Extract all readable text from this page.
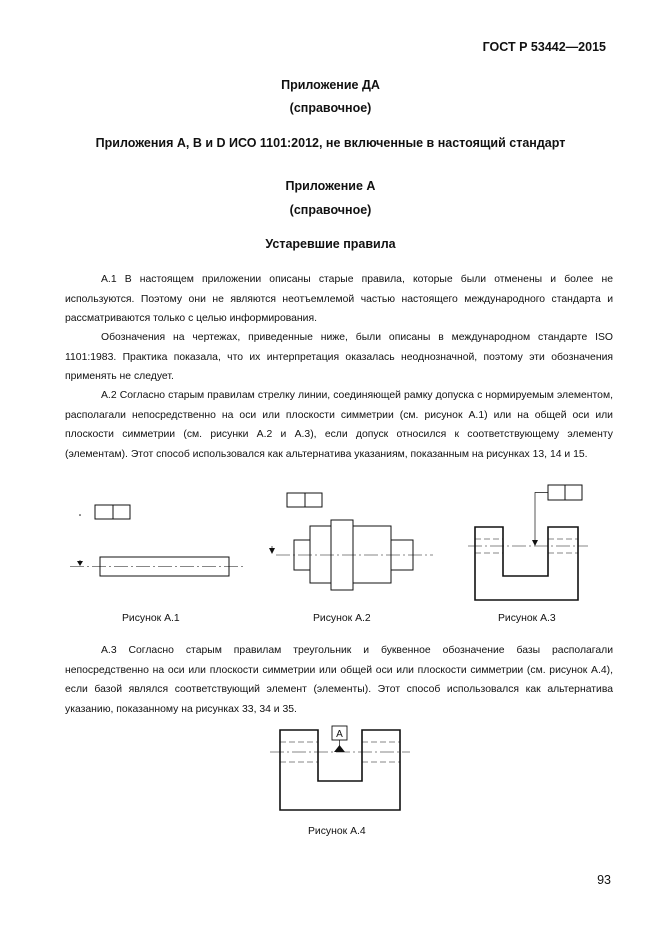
ГОСТ Р 53442—2015
Приложение ДА
(справочное)
Приложения A, B и D ИСО 1101:2012, не включенные в настоящий стандарт
Приложение A
(справочное)
Устаревшие правила
A.1 В настоящем приложении описаны старые правила, которые были отменены и более не используются. Поэтому они не являются неотъемлемой частью настоящего международного стандарта и рассматриваются только с целью информирования.
Обозначения на чертежах, приведенные ниже, были описаны в международном стандарте ISO 1101:1983. Практика показала, что их интерпретация оказалась неоднозначной, поэтому эти обозначения применять не следует.
A.2 Согласно старым правилам стрелку линии, соединяющей рамку допуска с нормируемым элементом, располагали непосредственно на оси или плоскости симметрии (см. рисунок A.1) или на общей оси или плоскости симметрии (см. рисунки A.2 и A.3), если допуск относился к соответствующему элементу (элементам). Этот способ использовался как альтернатива указаниям, показанным на рисунках 13, 14 и 15.
Рисунок A.1	Рисунок A.2	Рисунок A.3
A.3 Согласно старым правилам треугольник и буквенное обозначение базы располагали непосредственно на оси или плоскости симметрии или общей оси или плоскости симметрии (см. рисунок A.4), если базой являлся соответствующий элемент (элементы). Этот способ использовался как альтернатива указанию, показанному на рисунках 33, 34 и 35.
A
Рисунок A.4
93
